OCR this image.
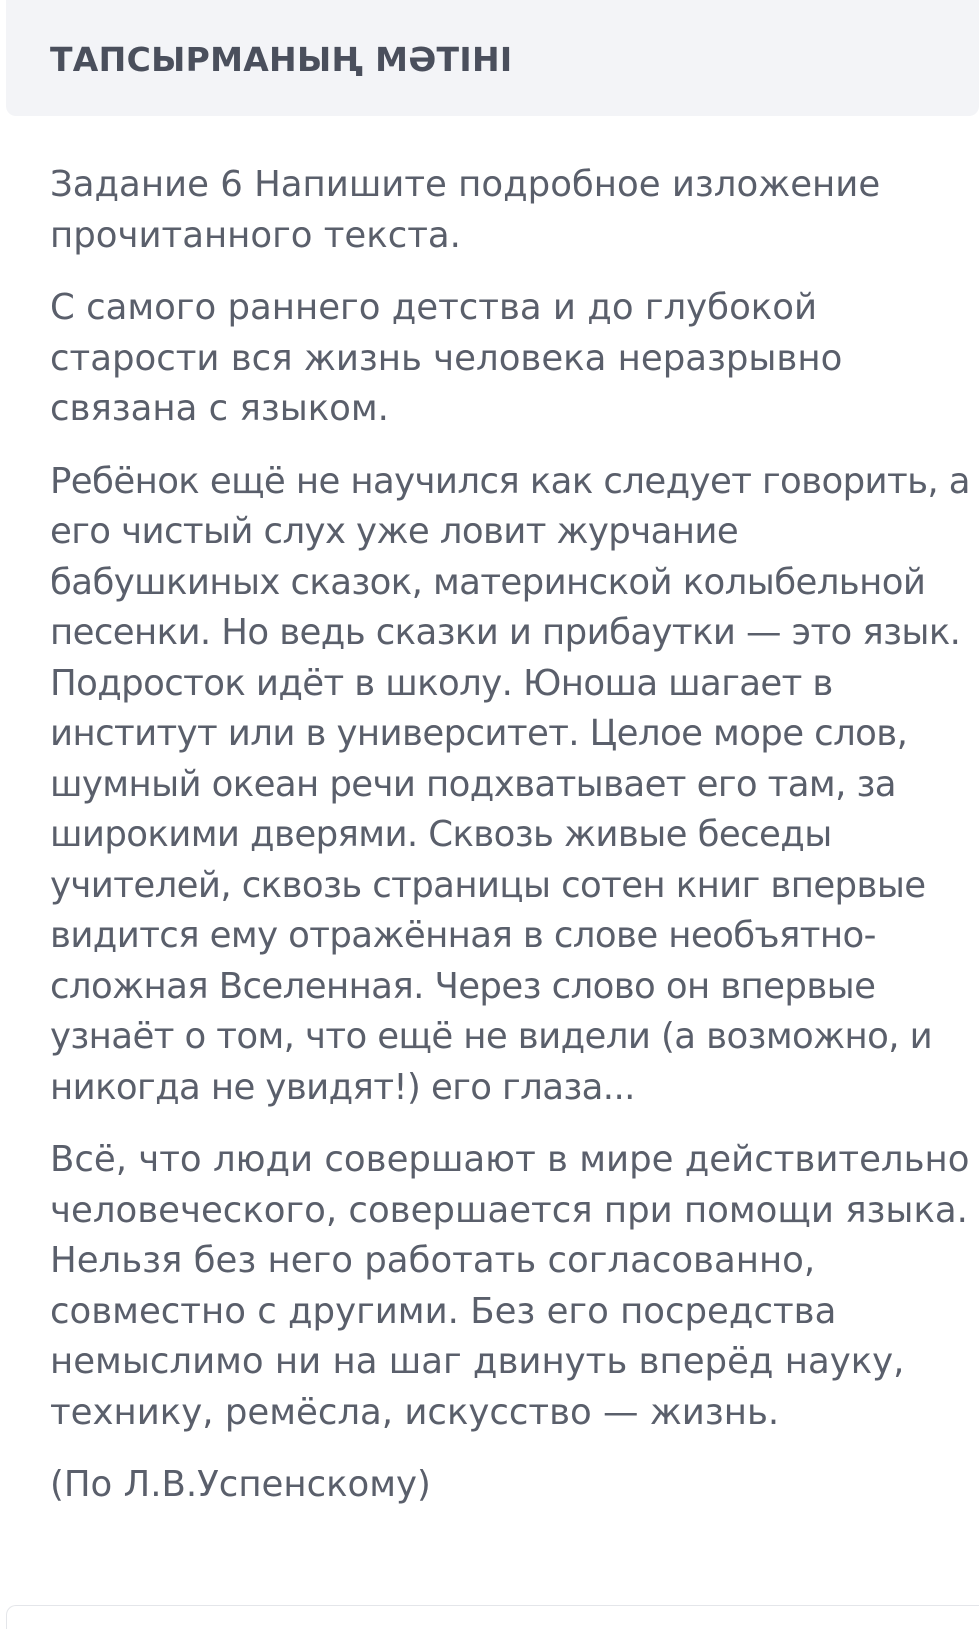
ТАПСЫРМАНЫҢ МӘТІНІ

Задание 6 Напишите подробное изложение прочитанного текста.

С самого раннего детства и до глубокой старости вся жизнь человека неразрывно связана с языком.

Ребёнок ещё не научился как следует говорить, а его чистый слух уже ловит журчание бабушкиных сказок, материнской колыбельной песенки. Но ведь сказки и прибаутки — это язык. Подросток идёт в школу. Юноша шагает в институт или в университет. Целое море слов, шумный океан речи подхватывает его там, за широкими дверями. Сквозь живые беседы учителей, сквозь страницы сотен книг впервые видится ему отражённая в слове необъятно-сложная Вселенная. Через слово он впервые узнаёт о том, что ещё не видели (а возможно, и никогда не увидят!) его глаза...

Всё, что люди совершают в мире действительно человеческого, совершается при помощи языка. Нельзя без него работать согласованно, совместно с другими. Без его посредства немыслимо ни на шаг двинуть вперёд науку, технику, ремёсла, искусство — жизнь.

(По Л.В.Успенскому)
